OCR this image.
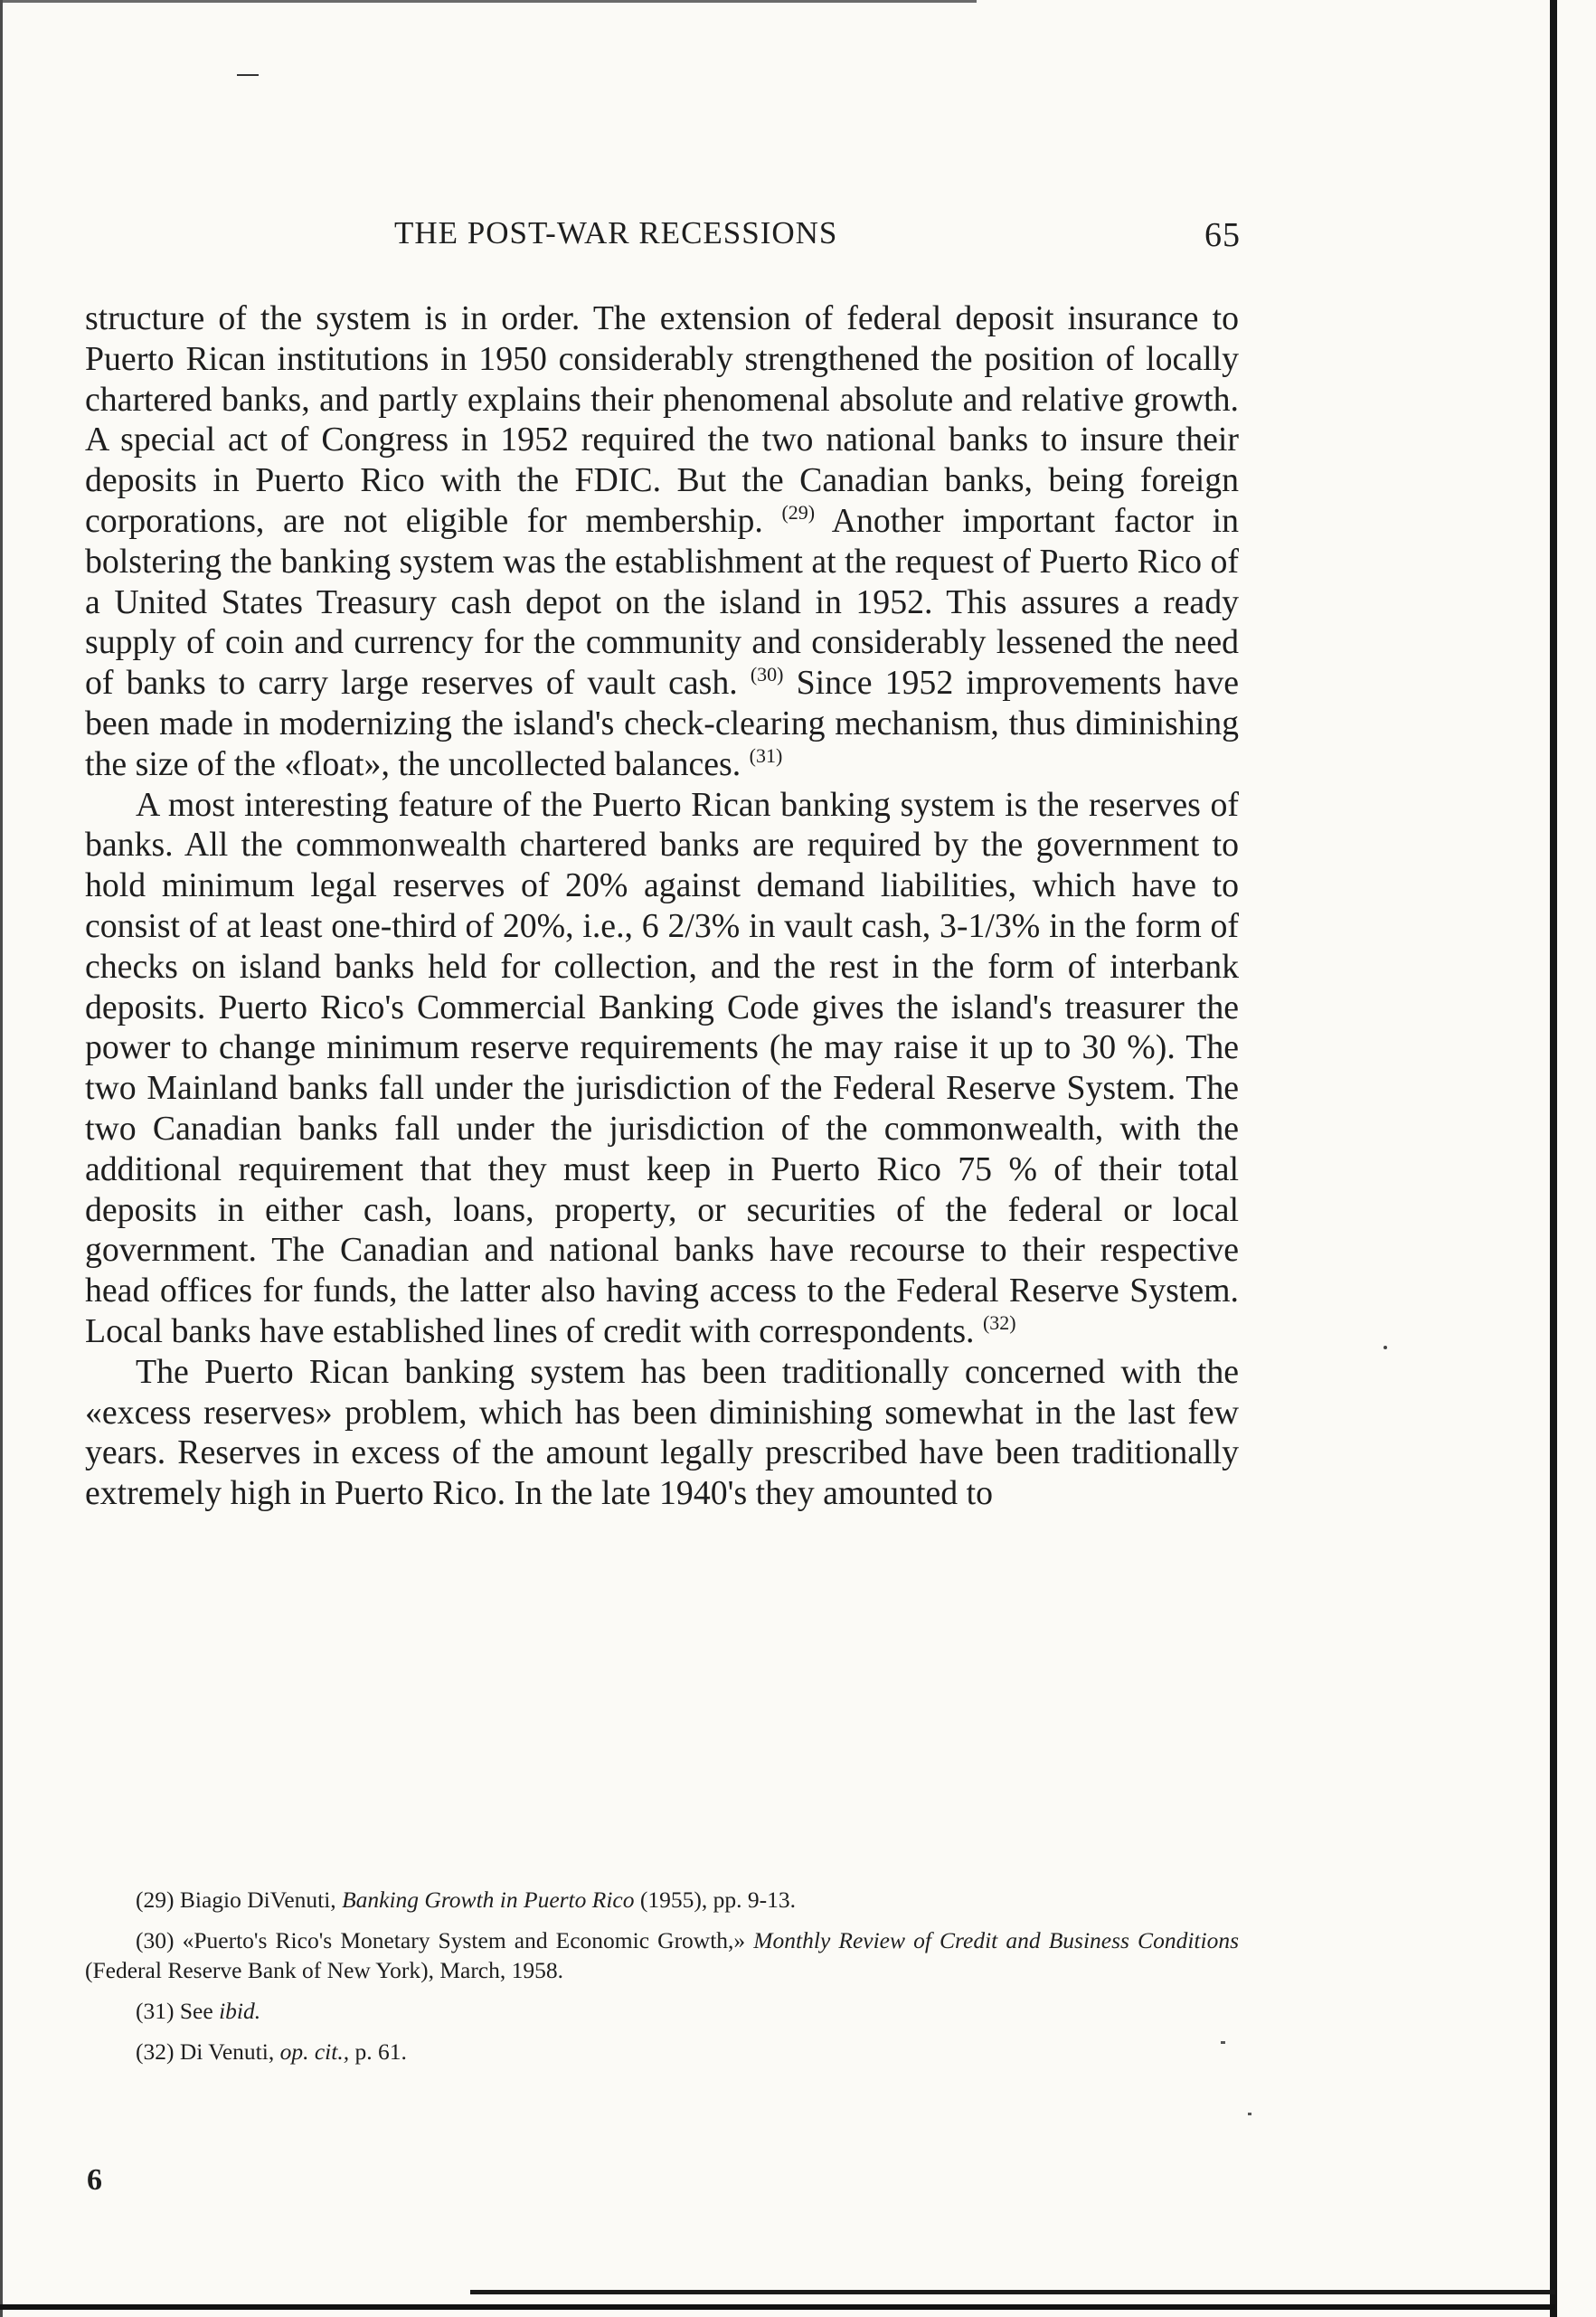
THE POST-WAR RECESSIONS	65

structure of the system is in order. The extension of federal deposit insurance to Puerto Rican institutions in 1950 considerably strengthened the position of locally chartered banks, and partly explains their phenomenal absolute and relative growth. A special act of Congress in 1952 required the two national banks to insure their deposits in Puerto Rico with the FDIC. But the Canadian banks, being foreign corporations, are not eligible for membership. $^{(29)}$ Another important factor in bolstering the banking system was the establishment at the request of Puerto Rico of a United States Treasury cash depot on the island in 1952. This assures a ready supply of coin and currency for the community and considerably lessened the need of banks to carry large reserves of vault cash. $^{(30)}$ Since 1952 improvements have been made in modernizing the island's check-clearing mechanism, thus diminishing the size of the «float», the uncollected balances. $^{(31)}$

A most interesting feature of the Puerto Rican banking system is the reserves of banks. All the commonwealth chartered banks are required by the government to hold minimum legal reserves of 20% against demand liabilities, which have to consist of at least one-third of 20%, i.e., 6 2/3% in vault cash, 3-1/3% in the form of checks on island banks held for collection, and the rest in the form of interbank deposits. Puerto Rico's Commercial Banking Code gives the island's treasurer the power to change minimum reserve requirements (he may raise it up to 30 %). The two Mainland banks fall under the jurisdiction of the Federal Reserve System. The two Canadian banks fall under the jurisdiction of the commonwealth, with the additional requirement that they must keep in Puerto Rico 75 % of their total deposits in either cash, loans, property, or securities of the federal or local government. The Canadian and national banks have recourse to their respective head offices for funds, the latter also having access to the Federal Reserve System. Local banks have established lines of credit with correspondents. $^{(32)}$

The Puerto Rican banking system has been traditionally concerned with the «excess reserves» problem, which has been diminishing somewhat in the last few years. Reserves in excess of the amount legally prescribed have been traditionally extremely high in Puerto Rico. In the late 1940's they amounted to

(29) Biagio DiVenuti, Banking Growth in Puerto Rico (1955), pp. 9-13.

(30) «Puerto's Rico's Monetary System and Economic Growth,» Monthly Review of Credit and Business Conditions (Federal Reserve Bank of New York), March, 1958.

(31) See ibid.

(32) Di Venuti, op. cit., p. 61.

6
